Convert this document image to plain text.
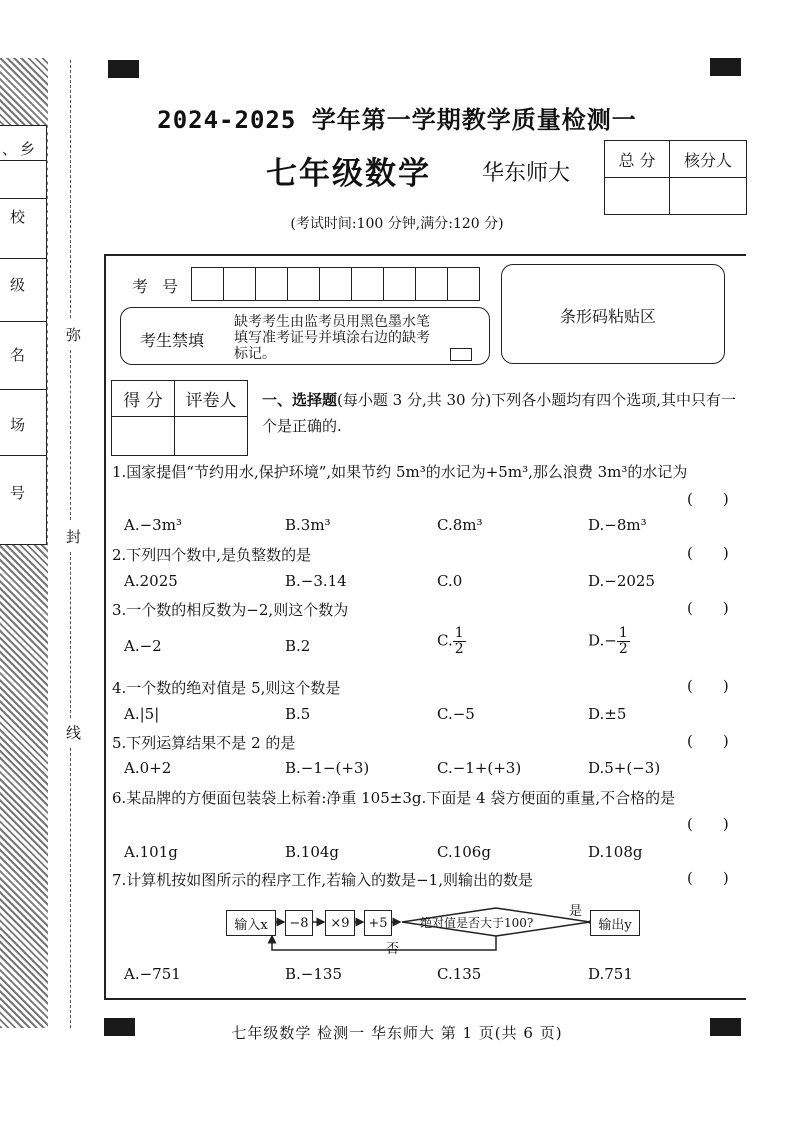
、 乡
校
级
名
场
号
弥
封
线
2024-2025 学年第一学期教学质量检测一
七年级数学 华东师大
总 分	核分人

(考试时间:100 分钟,满分:120 分)
考号
考生禁填
缺考考生由监考员用黑色墨水笔填写准考证号并填涂右边的缺考标记。
条形码粘贴区
得 分	评卷人
	一、选择题(每小题 3 分,共 30 分)下列各小题均有四个选项,其中只有一个是正确的.
1.国家提倡“节约用水,保护环境”,如果节约 5m³的水记为+5m³,那么浪费 3m³的水记为
()
A.−3m³	B.3m³	C.8m³	D.−8m³
2.下列四个数中,是负整数的是	()
A.2025	B.−3.14	C.0	D.−2025
3.一个数的相反数为−2,则这个数为	()
A.−2	B.2	C. $\frac{1}{2}$	$D.- \frac{1}{2}$
4.一个数的绝对值是 5,则这个数是	()
A.|5|	B.5	C.−5	D.±5
5.下列运算结果不是 2 的是	()
A.0+2	B.−1−(+3)	C.−1+(+3)	D.5+(−3)
6.某品牌的方便面包装袋上标着:净重 105±3g.下面是 4 袋方便面的重量,不合格的是
()
A.101g	B.104g	C.106g	D.108g
7.计算机按如图所示的程序工作,若输入的数是−1,则输出的数是	()
输入x	−8	×9	+5	绝对值是否大于100?	输出y
是
否
A.−751	B.−135	C.135	D.751
七年级数学 检测一 华东师大 第 1 页(共 6 页)
